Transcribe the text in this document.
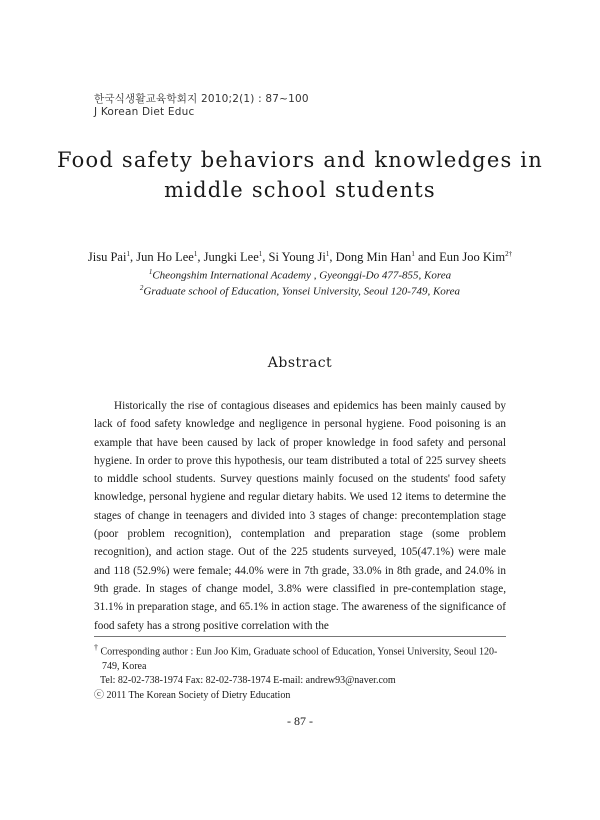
한국식생활교육학회지 2010;2(1) : 87~100
J Korean Diet Educ
Food safety behaviors and knowledges in
middle school students
Jisu Pai$^1$, Jun Ho Lee$^1$, Jungki Lee$^1$, Si Young Ji$^1$, Dong Min Han$^1$ and Eun Joo Kim$^{2\dagger}$
$^1$Cheongshim International Academy , Gyeonggi-Do 477-855, Korea
$^2$Graduate school of Education, Yonsei University, Seoul 120-749, Korea
Abstract
Historically the rise of contagious diseases and epidemics has been mainly caused by lack of food safety knowledge and negligence in personal hygiene. Food poisoning is an example that have been caused by lack of proper knowledge in food safety and personal hygiene. In order to prove this hypothesis, our team distributed a total of 225 survey sheets to middle school students. Survey questions mainly focused on the students' food safety knowledge, personal hygiene and regular dietary habits. We used 12 items to determine the stages of change in teenagers and divided into 3 stages of change: precontemplation stage (poor problem recognition), contemplation and preparation stage (some problem recognition), and action stage. Out of the 225 students surveyed, 105(47.1%) were male and 118 (52.9%) were female; 44.0% were in 7th grade, 33.0% in 8th grade, and 24.0% in 9th grade. In stages of change model, 3.8% were classified in pre-contemplation stage, 31.1% in preparation stage, and 65.1% in action stage. The awareness of the significance of food safety has a strong positive correlation with the
† Corresponding author : Eun Joo Kim, Graduate school of Education, Yonsei University, Seoul 120-749, Korea
Tel: 82-02-738-1974 Fax: 82-02-738-1974 E-mail: andrew93@naver.com
ⓒ 2011 The Korean Society of Dietry Education
- 87 -
